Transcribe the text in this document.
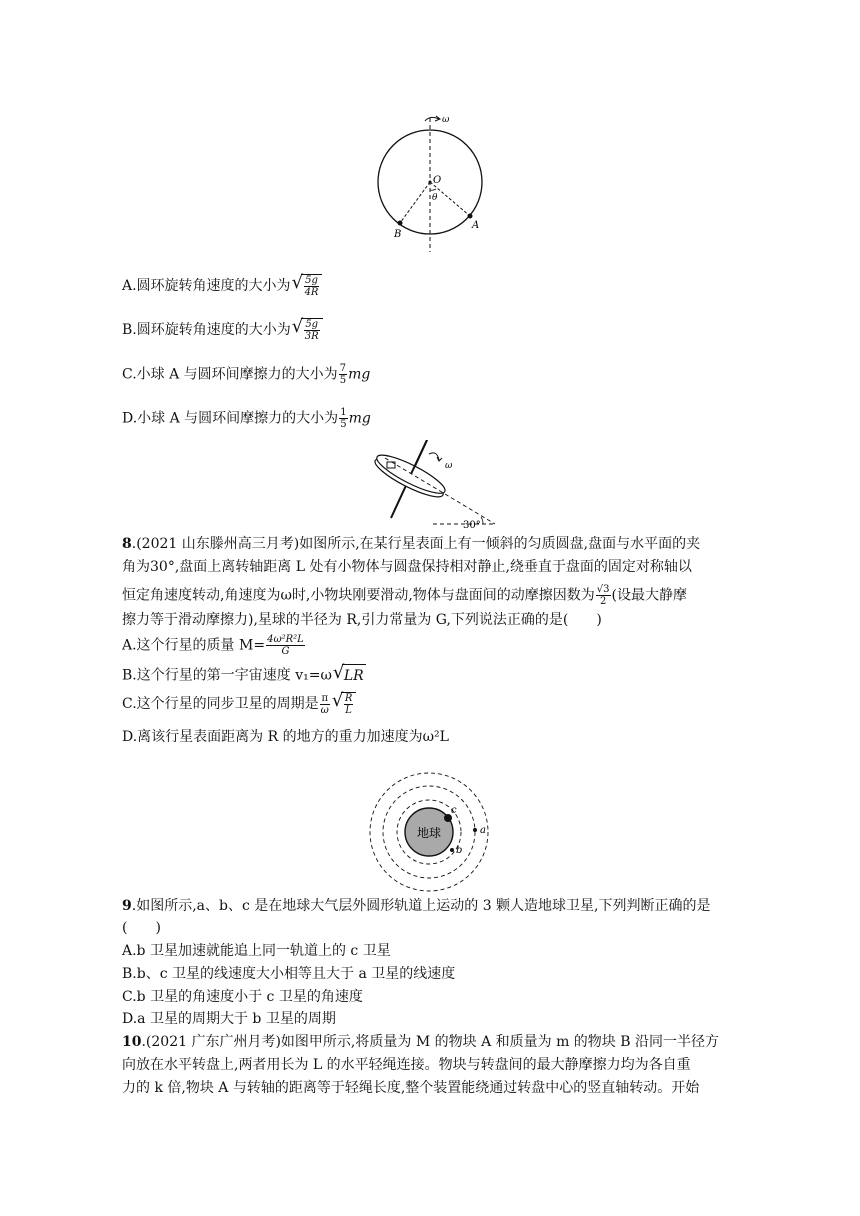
ω
O
θ
A
B
A.圆环旋转角速度的大小为 √ $\frac{5g}{4R}$
B.圆环旋转角速度的大小为 √ $\frac{5g}{3R}$
C.小球 A 与圆环间摩擦力的大小为 $\frac{7}{5}$ mg
D.小球 A 与圆环间摩擦力的大小为 $\frac{1}{5}$ mg
ω
30°
8.(2021 山东滕州高三月考)如图所示,在某行星表面上有一倾斜的匀质圆盘,盘面与水平面的夹
角为30°,盘面上离转轴距离 L 处有小物体与圆盘保持相对静止,绕垂直于盘面的固定对称轴以
恒定角速度转动,角速度为ω时,小物块刚要滑动,物体与盘面间的动摩擦因数为 $\frac{√3}{2}$ (设最大静摩
擦力等于滑动摩擦力),星球的半径为 R,引力常量为 G,下列说法正确的是(　　)
A.这个行星的质量 $M= \frac{\text{4ω²R²L}}{G}$
B.这个行星的第一宇宙速度 v₁=ω √ LR
C.这个行星的同步卫星的周期是 $\frac{\pi}{\omega}$ √ $\frac{R}{L}$
D.离该行星表面距离为 R 的地方的重力加速度为ω²L
地球
c
a
b
9.如图所示,a、b、c 是在地球大气层外圆形轨道上运动的 3 颗人造地球卫星,下列判断正确的是
(　　)
A.b 卫星加速就能追上同一轨道上的 c 卫星
B.b、c 卫星的线速度大小相等且大于 a 卫星的线速度
C.b 卫星的角速度小于 c 卫星的角速度
D.a 卫星的周期大于 b 卫星的周期
10.(2021 广东广州月考)如图甲所示,将质量为 M 的物块 A 和质量为 m 的物块 B 沿同一半径方
向放在水平转盘上,两者用长为 L 的水平轻绳连接。物块与转盘间的最大静摩擦力均为各自重
力的 k 倍,物块 A 与转轴的距离等于轻绳长度,整个装置能绕通过转盘中心的竖直轴转动。开始
